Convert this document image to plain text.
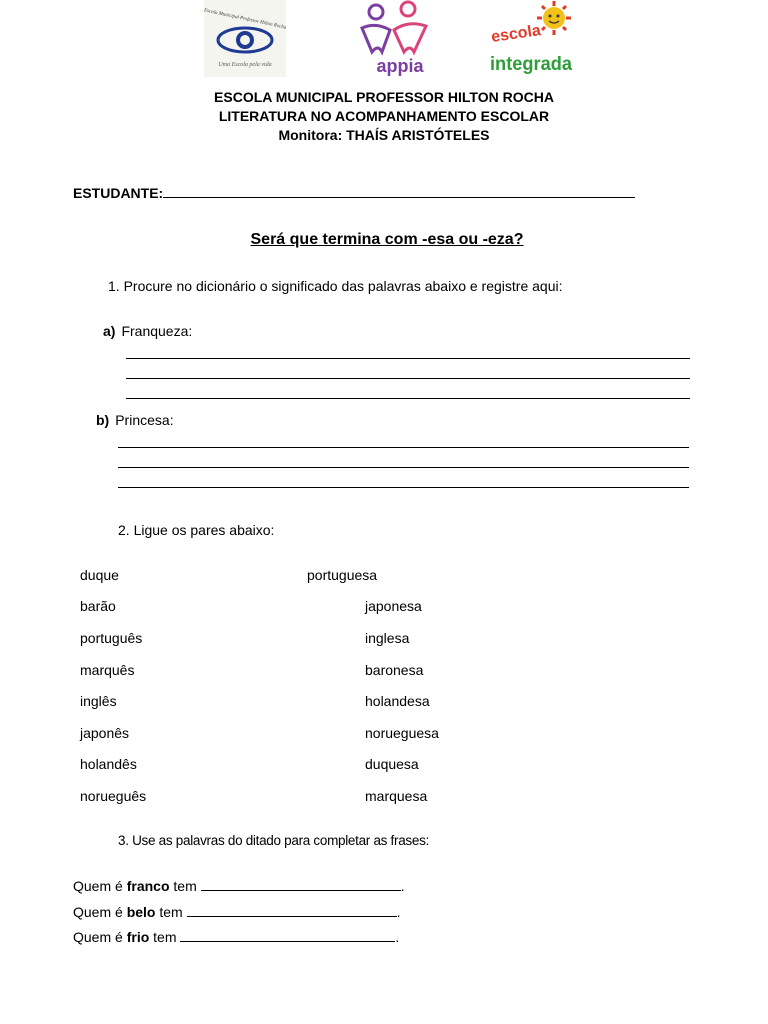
Escola Municipal Professor Hilton Rocha
Uma Escola pela vida	appia
escola
integrada
ESCOLA MUNICIPAL PROFESSOR HILTON ROCHA
LITERATURA NO ACOMPANHAMENTO ESCOLAR
Monitora: THAÍS ARISTÓTELES
ESTUDANTE:
Será que termina com -esa ou -eza?
1. Procure no dicionário o significado das palavras abaixo e registre aqui:
a) Franqueza:
b) Princesa:
2. Ligue os pares abaixo:
duque
barão
português
marquês
inglês
japonês
holandês
norueguês
portuguesa
japonesa
inglesa
baronesa
holandesa
norueguesa
duquesa
marquesa
3. Use as palavras do ditado para completar as frases:
Quem é franco tem	.
Quem é belo tem	.
Quem é frio tem	.
